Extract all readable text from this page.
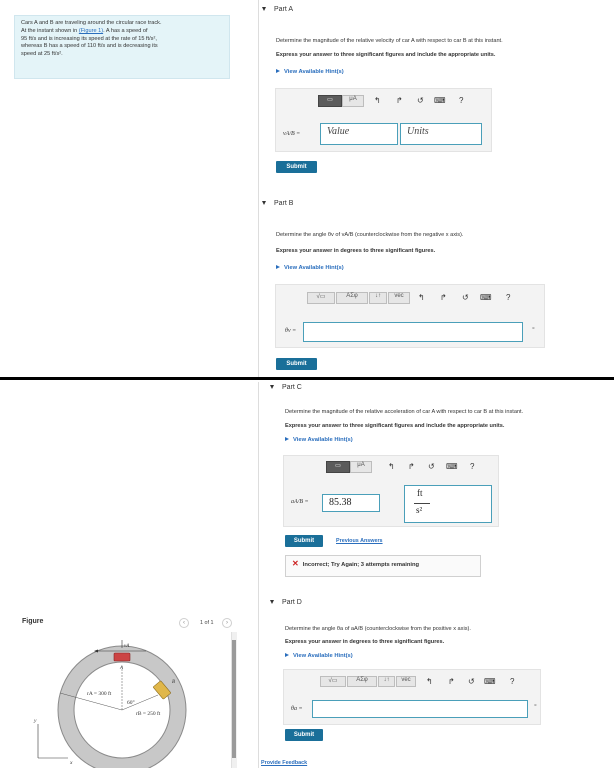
Cars A and B are traveling around the circular race track.
At the instant shown in (Figure 1). A has a speed of
95 ft/s and is increasing its speed at the rate of 15 ft/s²,
whereas B has a speed of 110 ft/s and is decreasing its
speed at 25 ft/s².
Part A
Determine the magnitude of the relative velocity of car A with respect to car B at this instant.
Express your answer to three significant figures and include the appropriate units.
View Available Hint(s)
▭	μA	↰ ↱ ↺ ⌨ ?
vA/B =	Value	Units
Submit
Part B
Determine the angle θv of vA/B (counterclockwise from the negative x axis).
Express your answer in degrees to three significant figures.
View Available Hint(s)
√▭	ΑΣφ	↓↑	vec	↰ ↱ ↺ ⌨ ?
θv =	°
Submit
Part C
Determine the magnitude of the relative acceleration of car A with respect to car B at this instant.
Express your answer to three significant figures and include the appropriate units.
View Available Hint(s)
▭	μA	↰ ↱ ↺ ⌨ ?
aA/B =	85.38
ft
s²
Submit	Previous Answers
✕ Incorrect; Try Again; 3 attempts remaining
Part D
Determine the angle θa of aA/B (counterclockwise from the positive x axis).
Express your answer in degrees to three significant figures.
View Available Hint(s)
√▭	ΑΣφ	↓↑	vec	↰ ↱ ↺ ⌨ ?
θa =	°
Submit
Provide Feedback
Figure	‹	1 of 1	›
vA
A
B
rA = 300 ft
60°
rB = 250 ft
y
x
